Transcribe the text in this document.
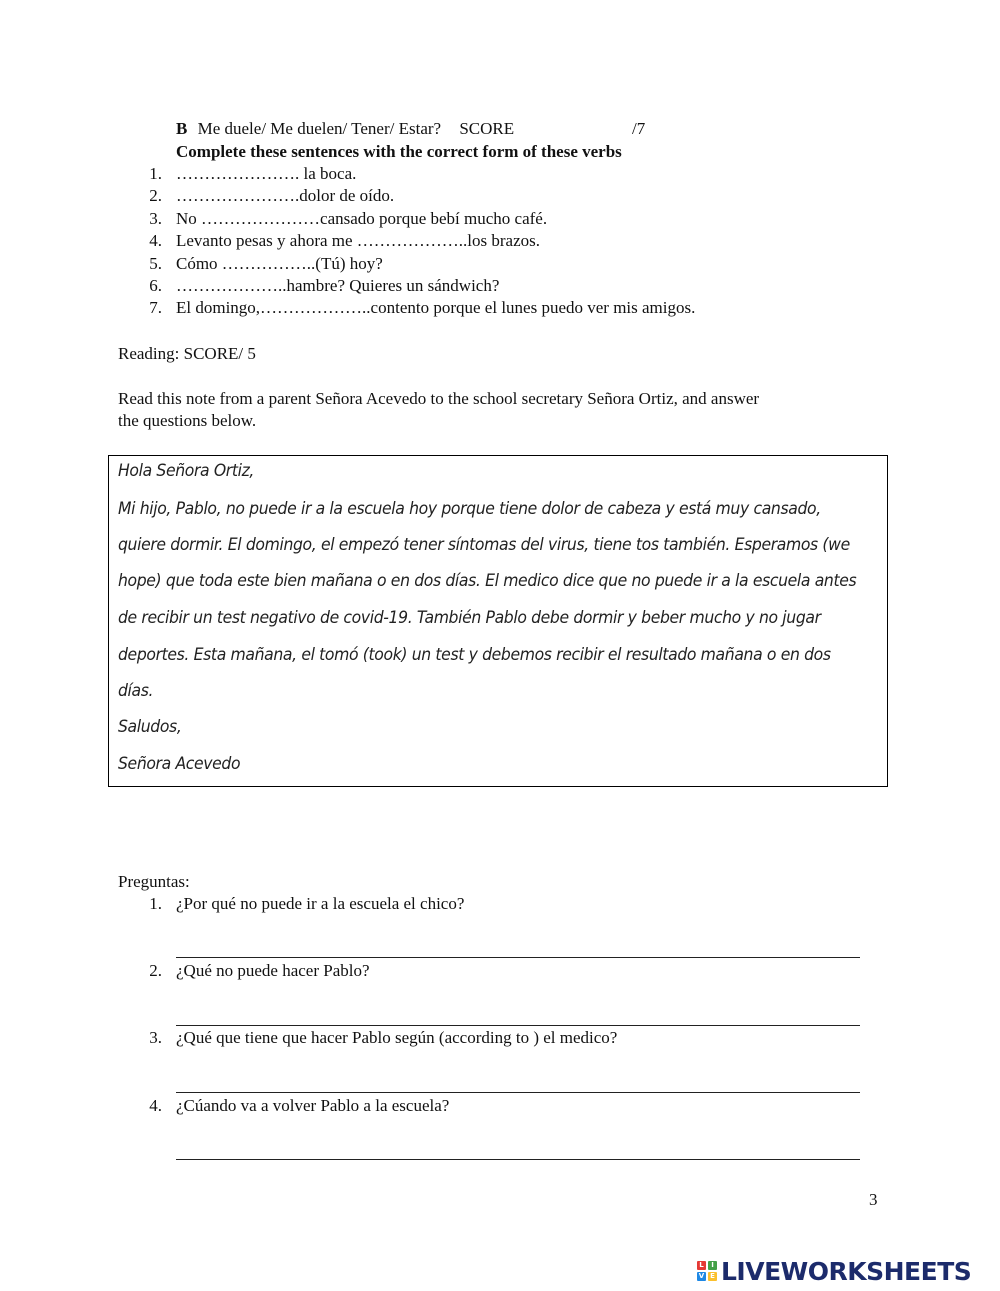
B Me duele/ Me duelen/ Tener/ Estar? SCORE	/7
Complete these sentences with the correct form of these verbs
1. …………………. la boca.
2. ………………….dolor de oído.
3. No …………………cansado porque bebí mucho café.
4. Levanto pesas y ahora me ………………..los brazos.
5. Cómo ……………..(Tú) hoy?
6. ………………..hambre? Quieres un sándwich?
7. El domingo,………………..contento porque el lunes puedo ver mis amigos.
Reading: SCORE/ 5
Read this note from a parent Señora Acevedo to the school secretary Señora Ortiz, and answer
the questions below.
Hola Señora Ortiz,
Mi hijo, Pablo, no puede ir a la escuela hoy porque tiene dolor de cabeza y está muy cansado,
quiere dormir. El domingo, el empezó tener síntomas del virus, tiene tos también. Esperamos (we
hope) que toda este bien mañana o en dos días. El medico dice que no puede ir a la escuela antes
de recibir un test negativo de covid-19. También Pablo debe dormir y beber mucho y no jugar
deportes. Esta mañana, el tomó (took) un test y debemos recibir el resultado mañana o en dos
días.
Saludos,
Señora Acevedo
Preguntas:
1. ¿Por qué no puede ir a la escuela el chico?
2. ¿Qué no puede hacer Pablo?
3. ¿Qué que tiene que hacer Pablo según (according to ) el medico?
4. ¿Cúando va a volver Pablo a la escuela?
3
L	I
V E LIVEWORKSHEETS
